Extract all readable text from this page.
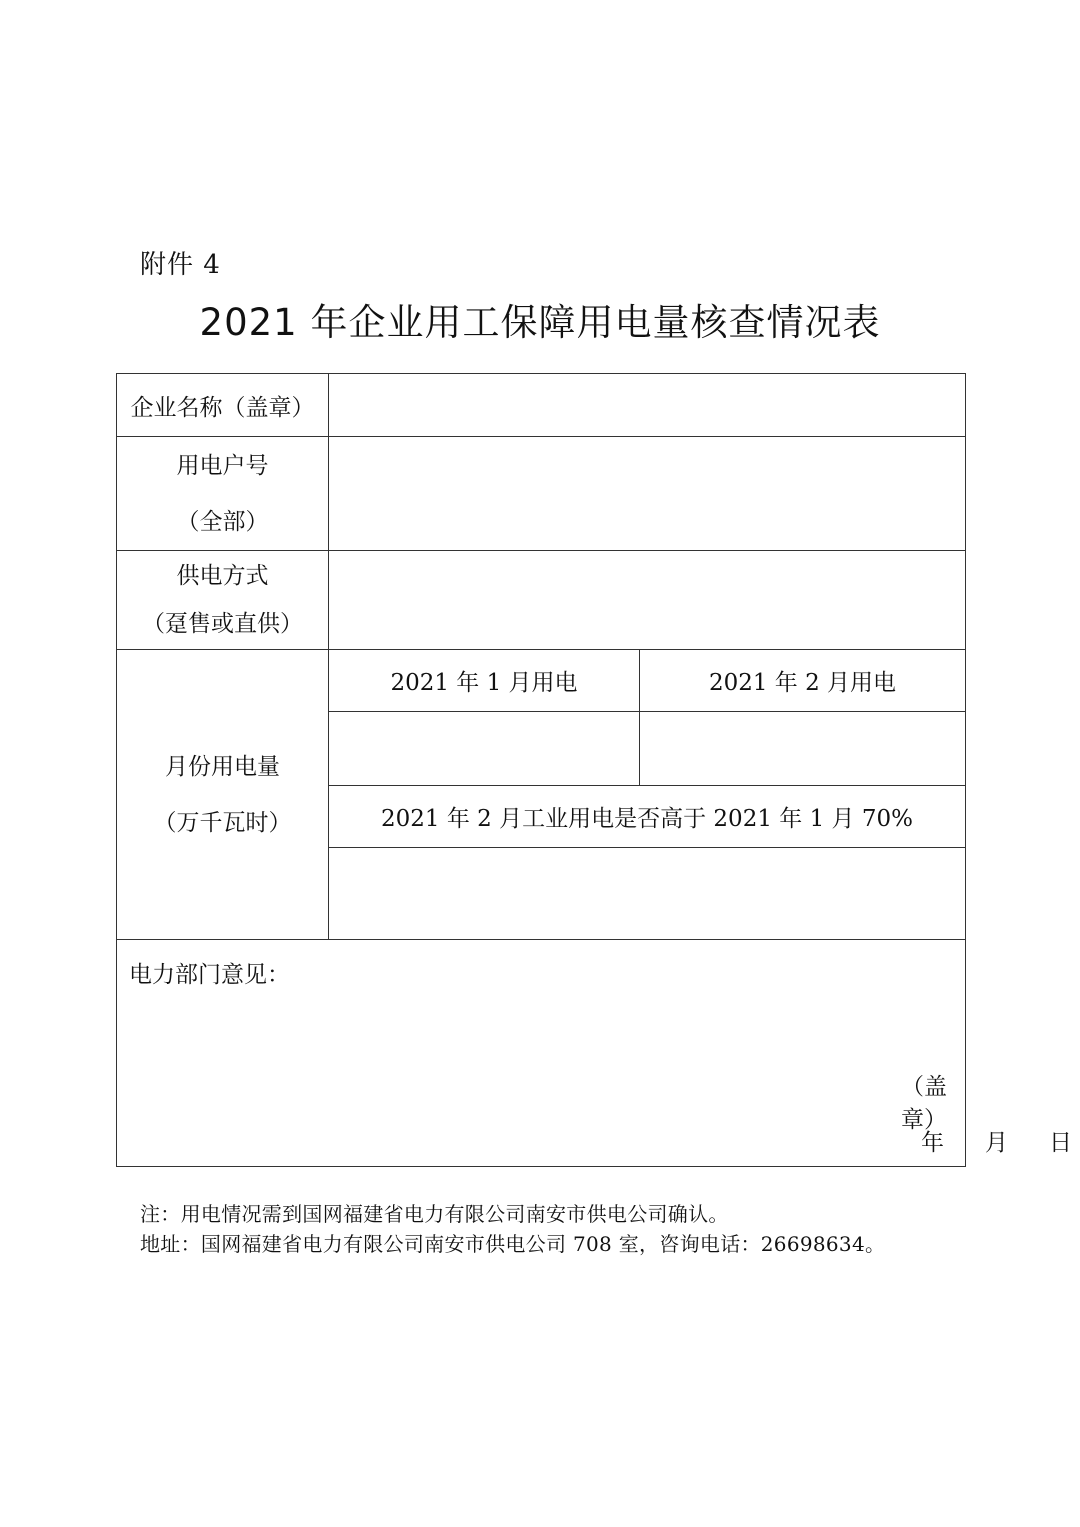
附件 4
2021 年企业用工保障用电量核查情况表
企业名称（盖章）		

用电户号
（全部）		

供电方式
（趸售或直供）		

月份用电量
（万千瓦时）	2021 年 1 月用电	2021 年 2 月用电

	2021 年 2 月工业用电是否高于 2021 年 1 月 70%	

电力部门意见：
（盖章）
年 月 日		
注：用电情况需到国网福建省电力有限公司南安市供电公司确认。
地址：国网福建省电力有限公司南安市供电公司 708 室，咨询电话：26698634。
